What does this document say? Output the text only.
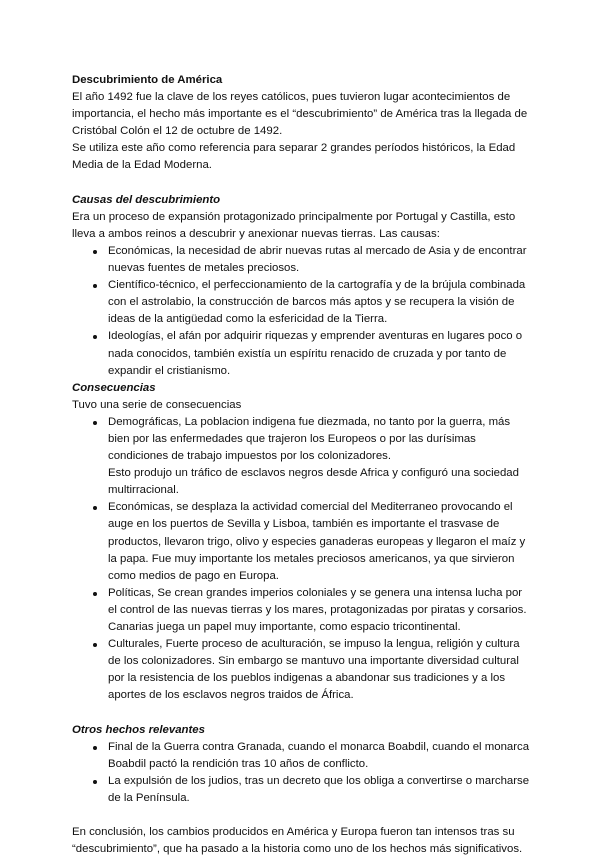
Descubrimiento de América

El año 1492 fue la clave de los reyes católicos, pues tuvieron lugar acontecimientos de importancia, el hecho más importante es el “descubrimiento” de América tras la llegada de Cristóbal Colón el 12 de octubre de 1492.

Se utiliza este año como referencia para separar 2 grandes períodos históricos, la Edad Media de la Edad Moderna.

Causas del descubrimiento

Era un proceso de expansión protagonizado principalmente por Portugal y Castilla, esto lleva a ambos reinos a descubrir y anexionar nuevas tierras. Las causas:

Económicas, la necesidad de abrir nuevas rutas al mercado de Asia y de encontrar nuevas fuentes de metales preciosos.
Científico-técnico, el perfeccionamiento de la cartografía y de la brújula combinada con el astrolabio, la construcción de barcos más aptos y se recupera la visión de ideas de la antigüedad como la esfericidad de la Tierra.
Ideologías, el afán por adquirir riquezas y emprender aventuras en lugares poco o nada conocidos, también existía un espíritu renacido de cruzada y por tanto de expandir el cristianismo.
Consecuencias

Tuvo una serie de consecuencias

Demográficas, La poblacion indigena fue diezmada, no tanto por la guerra, más bien por las enfermedades que trajeron los Europeos o por las durísimas condiciones de trabajo impuestos por los colonizadores.
Esto produjo un tráfico de esclavos negros desde Africa y configuró una sociedad multirracional.
Económicas, se desplaza la actividad comercial del Mediterraneo provocando el auge en los puertos de Sevilla y Lisboa, también es importante el trasvase de productos, llevaron trigo, olivo y especies ganaderas europeas y llegaron el maíz y la papa. Fue muy importante los metales preciosos americanos, ya que sirvieron como medios de pago en Europa.
Políticas, Se crean grandes imperios coloniales y se genera una intensa lucha por el control de las nuevas tierras y los mares, protagonizadas por piratas y corsarios. Canarias juega un papel muy importante, como espacio tricontinental.
Culturales, Fuerte proceso de aculturación, se impuso la lengua, religión y cultura de los colonizadores. Sin embargo se mantuvo una importante diversidad cultural por la resistencia de los pueblos indigenas a abandonar sus tradiciones y a los aportes de los esclavos negros traidos de África.
Otros hechos relevantes
Final de la Guerra contra Granada, cuando el monarca Boabdil, cuando el monarca Boabdil pactó la rendición tras 10 años de conflicto.
La expulsión de los judios, tras un decreto que los obliga a convertirse o marcharse de la Península.

En conclusión, los cambios producidos en América y Europa fueron tan intensos tras su “descubrimiento”, que ha pasado a la historia como uno de los hechos más significativos.
